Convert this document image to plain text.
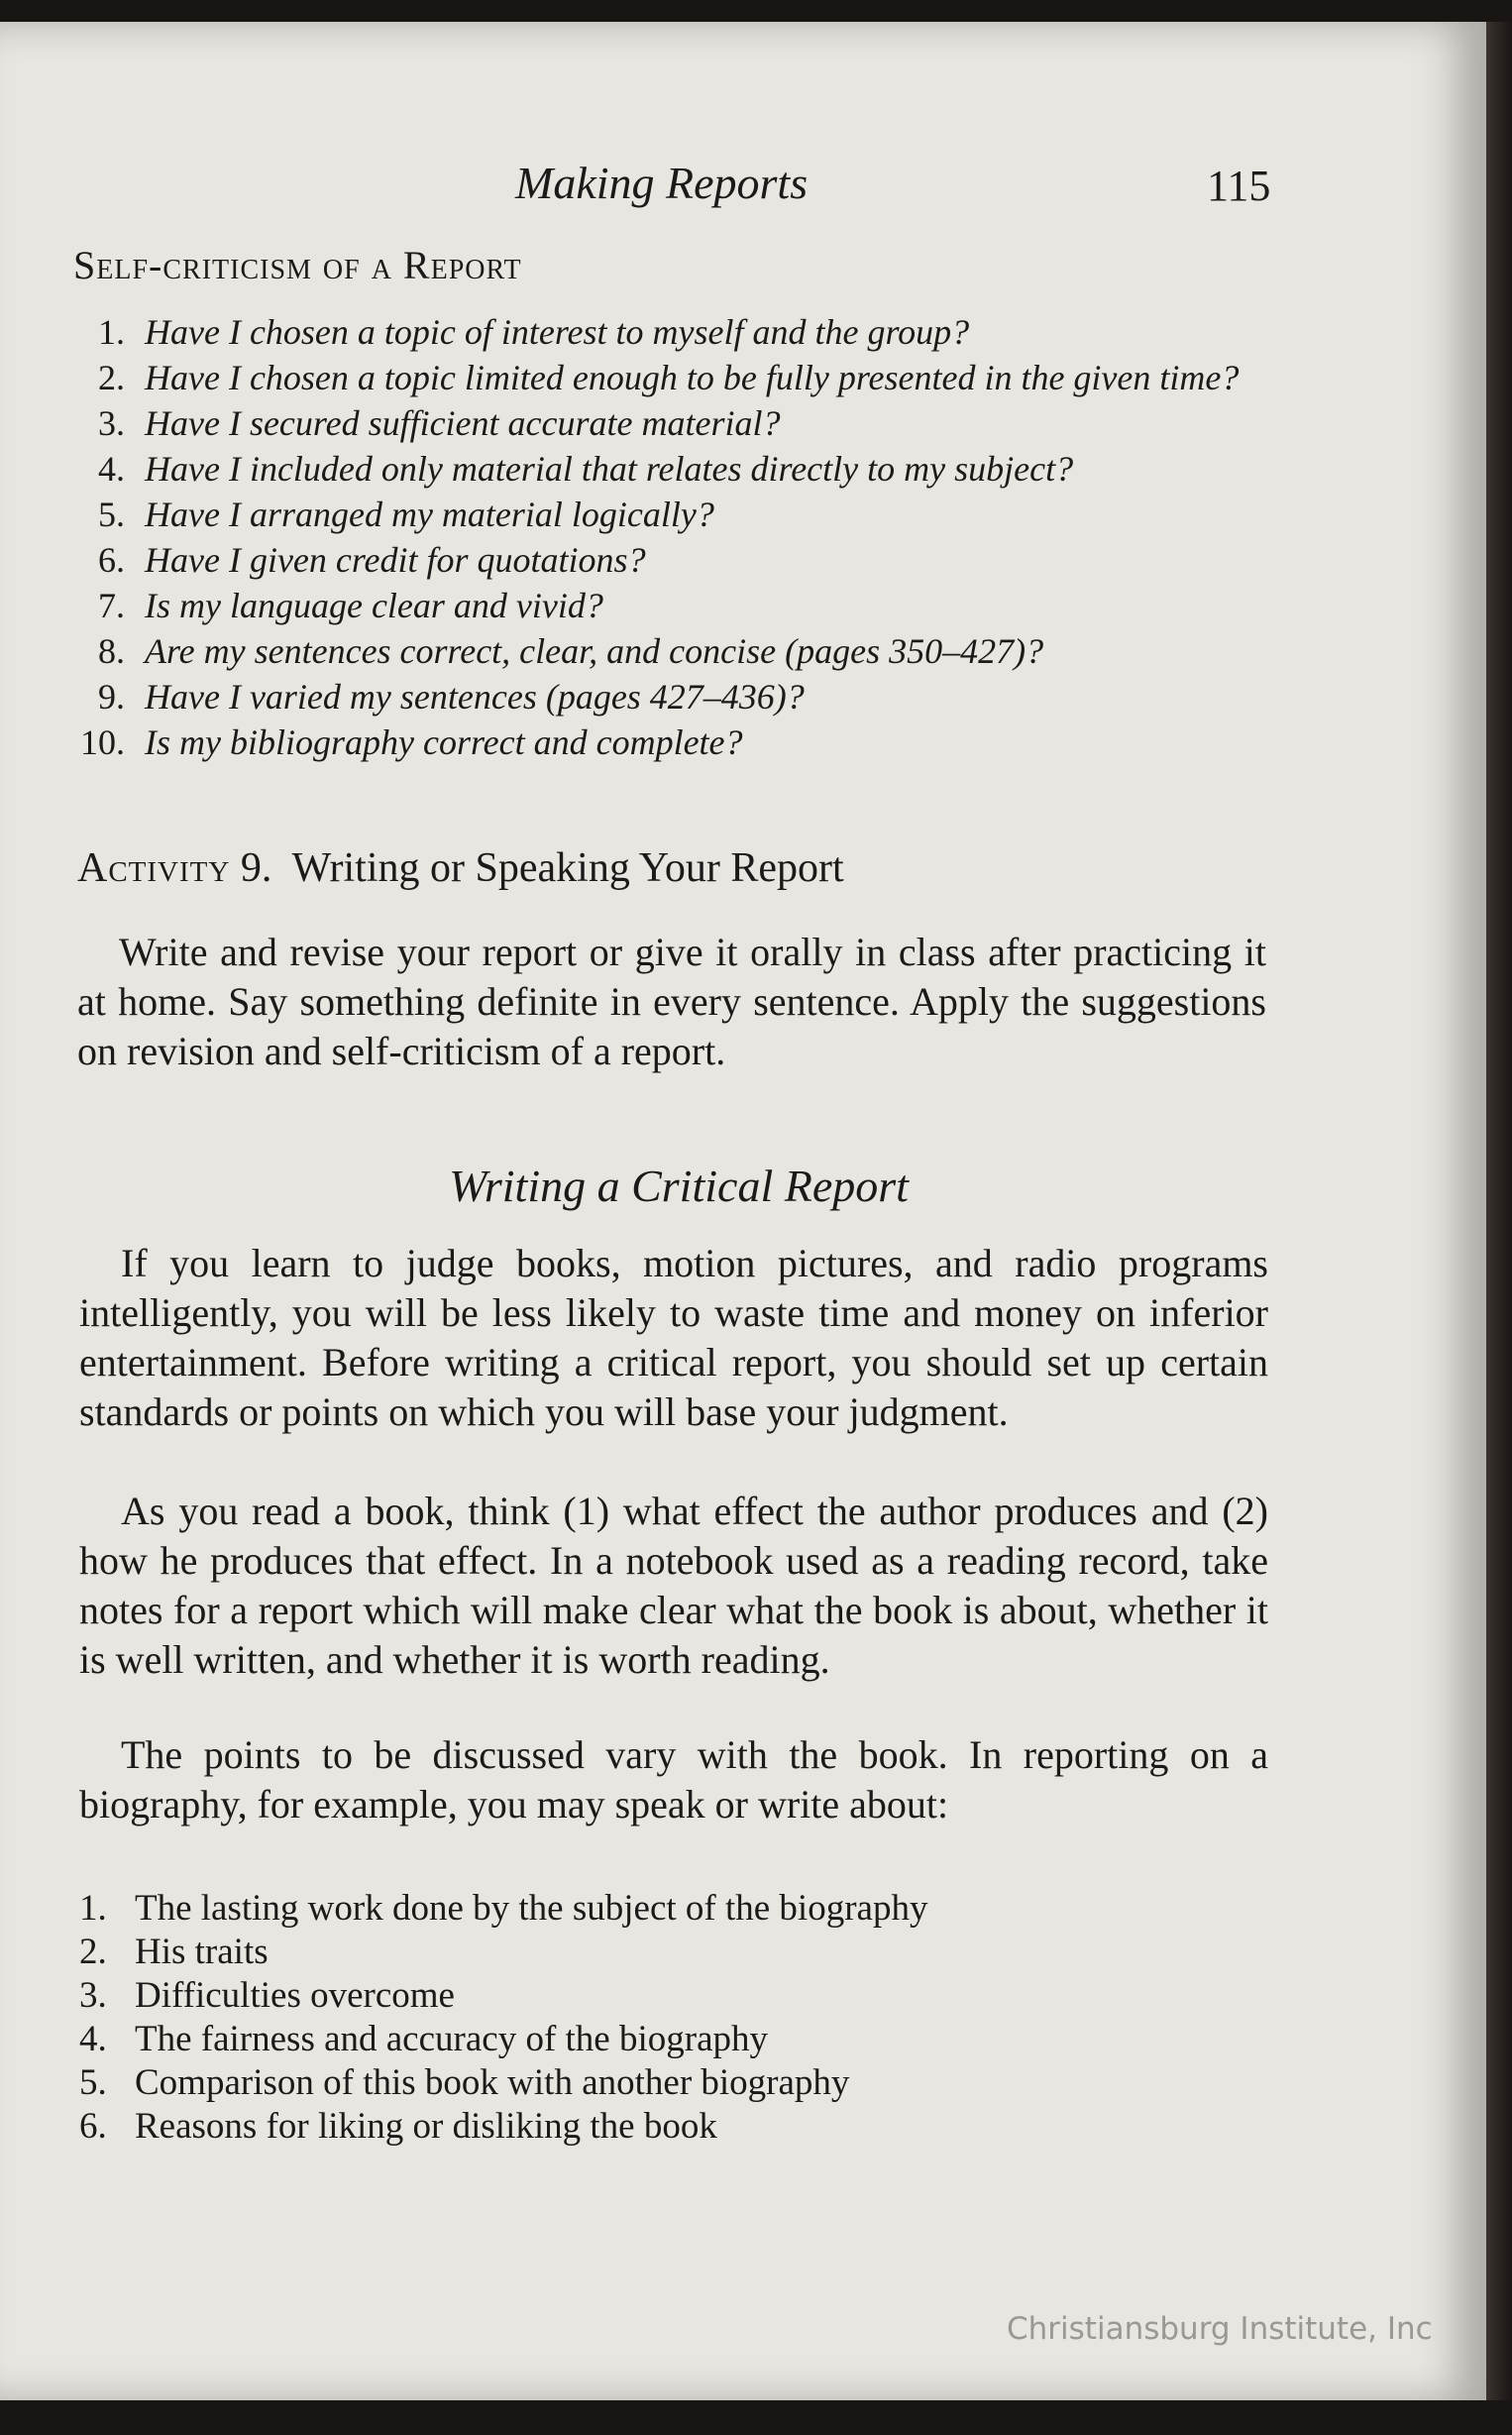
Making Reports	115
Self-criticism of a Report
1. Have I chosen a topic of interest to myself and the group?
2. Have I chosen a topic limited enough to be fully presented in the given time?
3. Have I secured sufficient accurate material?
4. Have I included only material that relates directly to my subject?
5. Have I arranged my material logically?
6. Have I given credit for quotations?
7. Is my language clear and vivid?
8. Are my sentences correct, clear, and concise (pages 350–427)?
9. Have I varied my sentences (pages 427–436)?
10. Is my bibliography correct and complete?
Activity 9. Writing or Speaking Your Report

Write and revise your report or give it orally in class after practicing it at home. Say something definite in every sentence. Apply the suggestions on revision and self-criticism of a report.

Writing a Critical Report

If you learn to judge books, motion pictures, and radio programs intelligently, you will be less likely to waste time and money on inferior entertainment. Before writing a critical report, you should set up certain standards or points on which you will base your judgment.

As you read a book, think (1) what effect the author produces and (2) how he produces that effect. In a notebook used as a reading record, take notes for a report which will make clear what the book is about, whether it is well written, and whether it is worth reading.

The points to be discussed vary with the book. In reporting on a biography, for example, you may speak or write about:

1. The lasting work done by the subject of the biography
2. His traits
3. Difficulties overcome
4. The fairness and accuracy of the biography
5. Comparison of this book with another biography
6. Reasons for liking or disliking the book
Christiansburg Institute, Inc
